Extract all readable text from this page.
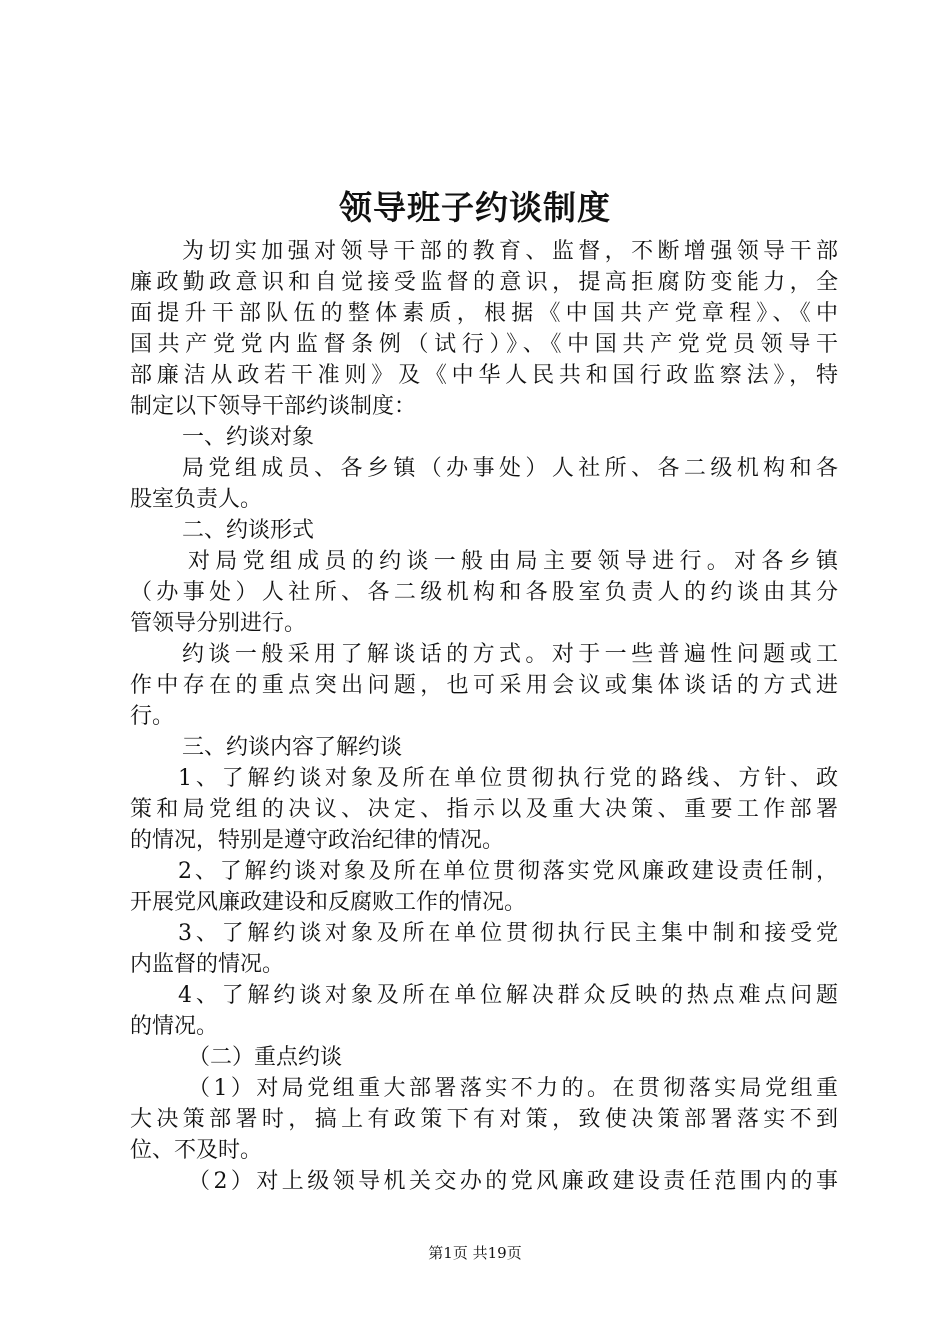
领导班子约谈制度
为切实加强对领导干部的教育、监督，不断增强领导干部
廉政勤政意识和自觉接受监督的意识，提高拒腐防变能力，全
面提升干部队伍的整体素质，根据《中国共产党章程》、《中
国共产党党内监督条例（试行）》、《中国共产党党员领导干
部廉洁从政若干准则》及《中华人民共和国行政监察法》，特
制定以下领导干部约谈制度：
一、约谈对象
局党组成员、各乡镇（办事处）人社所、各二级机构和各
股室负责人。
二、约谈形式
对局党组成员的约谈一般由局主要领导进行。对各乡镇
（办事处）人社所、各二级机构和各股室负责人的约谈由其分
管领导分别进行。
约谈一般采用了解谈话的方式。对于一些普遍性问题或工
作中存在的重点突出问题，也可采用会议或集体谈话的方式进
行。
三、约谈内容了解约谈
1、了解约谈对象及所在单位贯彻执行党的路线、方针、政
策和局党组的决议、决定、指示以及重大决策、重要工作部署
的情况，特别是遵守政治纪律的情况。
2、了解约谈对象及所在单位贯彻落实党风廉政建设责任制，
开展党风廉政建设和反腐败工作的情况。
3、了解约谈对象及所在单位贯彻执行民主集中制和接受党
内监督的情况。
4、了解约谈对象及所在单位解决群众反映的热点难点问题
的情况。
（二）重点约谈
（1）对局党组重大部署落实不力的。在贯彻落实局党组重
大决策部署时，搞上有政策下有对策，致使决策部署落实不到
位、不及时。
（2）对上级领导机关交办的党风廉政建设责任范围内的事
第1页 共19页
